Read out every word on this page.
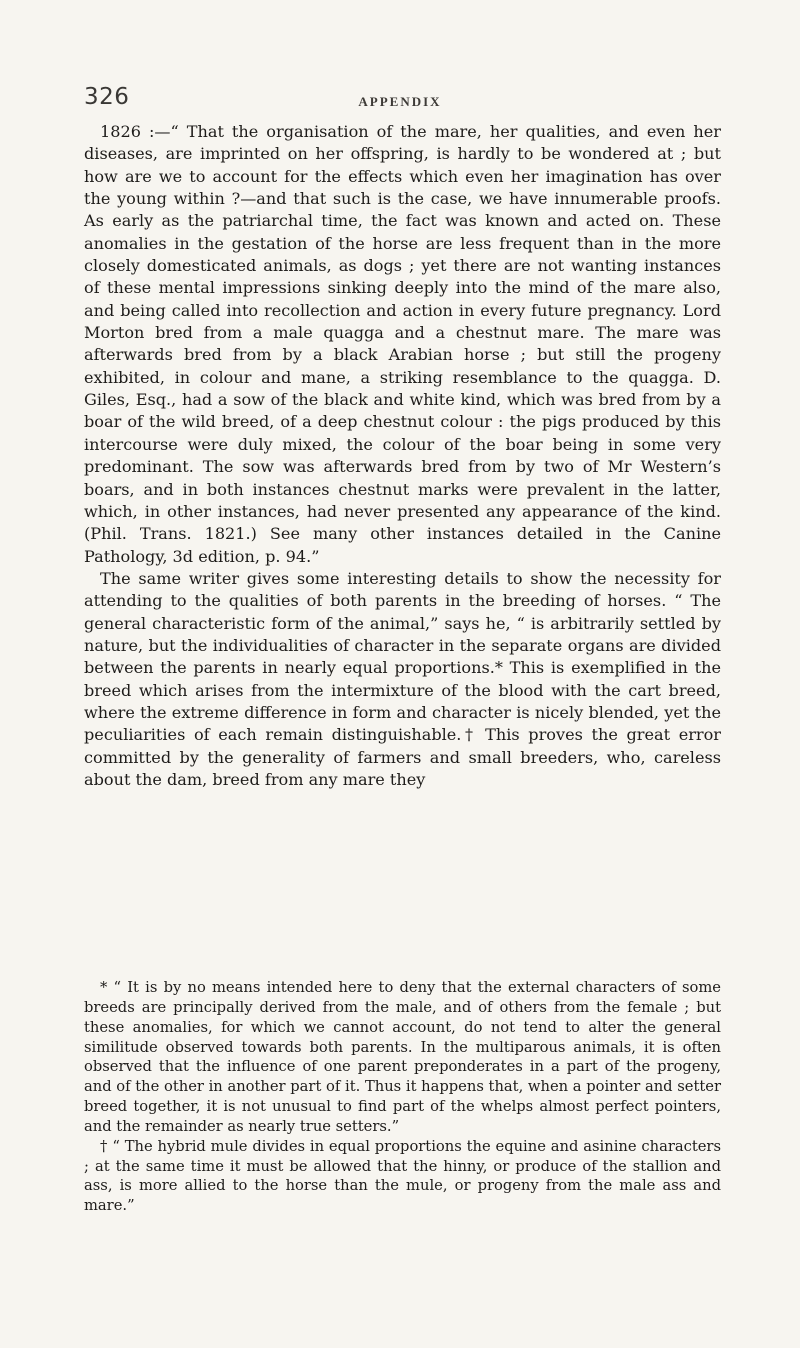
326	APPENDIX

1826 :—“ That the organisation of the mare, her qualities, and even her diseases, are imprinted on her offspring, is hardly to be wondered at ; but how are we to account for the effects which even her imagination has over the young within ?—and that such is the case, we have innumerable proofs. As early as the patriarchal time, the fact was known and acted on. These anomalies in the gestation of the horse are less frequent than in the more closely domesticated animals, as dogs ; yet there are not wanting instances of these mental impressions sinking deeply into the mind of the mare also, and being called into recollection and action in every future pregnancy. Lord Morton bred from a male quagga and a chestnut mare. The mare was afterwards bred from by a black Arabian horse ; but still the progeny exhibited, in colour and mane, a striking resemblance to the quagga. D. Giles, Esq., had a sow of the black and white kind, which was bred from by a boar of the wild breed, of a deep chestnut colour : the pigs produced by this intercourse were duly mixed, the colour of the boar being in some very predominant. The sow was afterwards bred from by two of Mr Western’s boars, and in both instances chestnut marks were prevalent in the latter, which, in other instances, had never presented any appearance of the kind. (Phil. Trans. 1821.) See many other instances detailed in the Canine Pathology, 3d edition, p. 94.”

The same writer gives some interesting details to show the necessity for attending to the qualities of both parents in the breeding of horses. “ The general characteristic form of the animal,” says he, “ is arbitrarily settled by nature, but the individualities of character in the separate organs are divided between the parents in nearly equal proportions.* This is exemplified in the breed which arises from the intermixture of the blood with the cart breed, where the extreme difference in form and character is nicely blended, yet the peculiarities of each remain distinguishable.† This proves the great error committed by the generality of farmers and small breeders, who, careless about the dam, breed from any mare they

* “ It is by no means intended here to deny that the external characters of some breeds are principally derived from the male, and of others from the female ; but these anomalies, for which we cannot account, do not tend to alter the general similitude observed towards both parents. In the multiparous animals, it is often observed that the influence of one parent preponderates in a part of the progeny, and of the other in another part of it. Thus it happens that, when a pointer and setter breed together, it is not unusual to find part of the whelps almost perfect pointers, and the remainder as nearly true setters.”

† “ The hybrid mule divides in equal proportions the equine and asinine characters ; at the same time it must be allowed that the hinny, or produce of the stallion and ass, is more allied to the horse than the mule, or progeny from the male ass and mare.”
